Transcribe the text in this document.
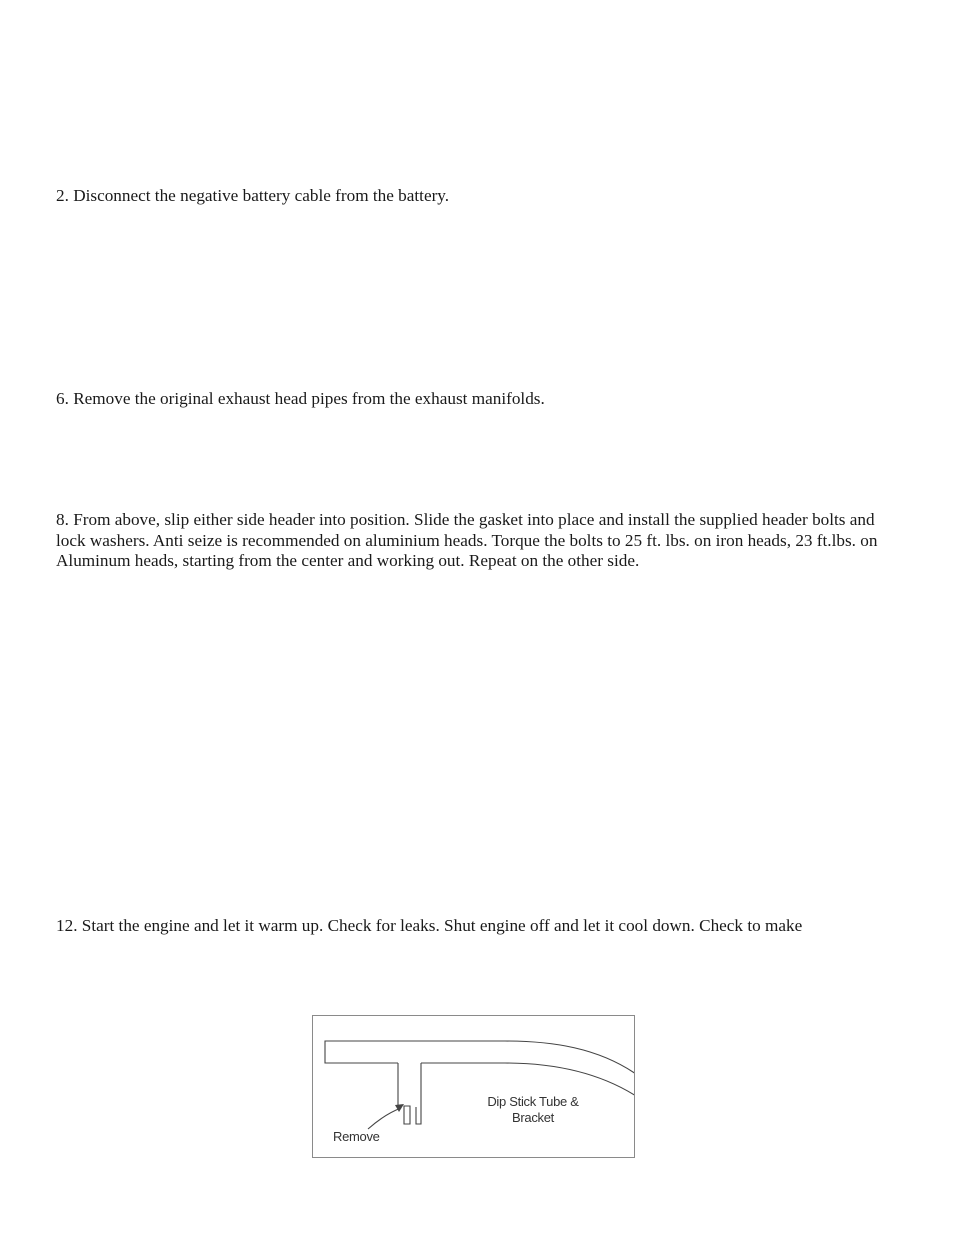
2. Disconnect the negative battery cable from the battery.

6. Remove the original exhaust head pipes from the exhaust manifolds.

8. From above, slip either side header into position. Slide the gasket into place and install the supplied header bolts and lock washers. Anti seize is recommended on aluminium heads. Torque the bolts to 25 ft. lbs. on iron heads, 23 ft.lbs. on Aluminum heads, starting from the center and working out. Repeat on the other side.

12. Start the engine and let it warm up. Check for leaks. Shut engine off and let it cool down. Check to make

Remove
Dip Stick Tube & Bracket
